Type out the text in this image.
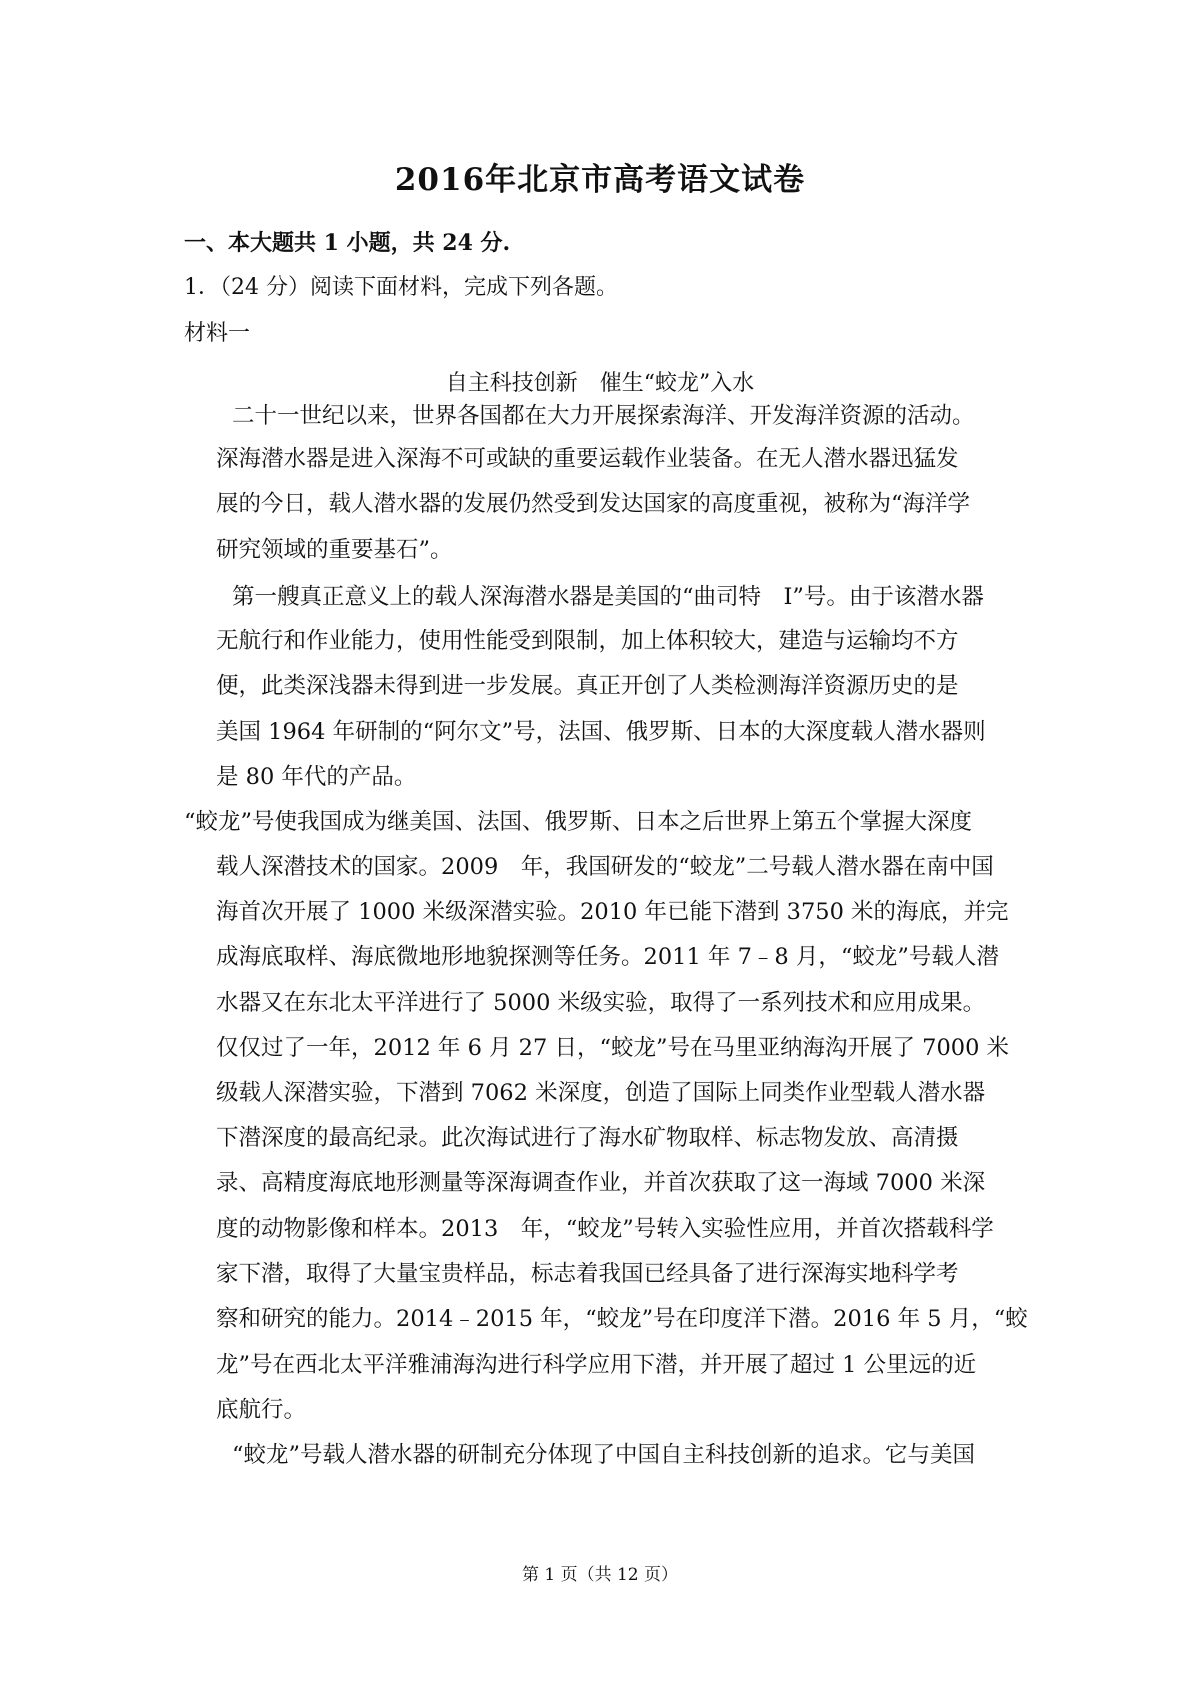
2016年北京市高考语文试卷
一、本大题共 1 小题，共 24 分.
1．（24 分）阅读下面材料，完成下列各题。
材料一
自主科技创新　催生“蛟龙”入水
二十一世纪以来，世界各国都在大力开展探索海洋、开发海洋资源的活动。
深海潜水器是进入深海不可或缺的重要运载作业装备。在无人潜水器迅猛发
展的今日，载人潜水器的发展仍然受到发达国家的高度重视，被称为“海洋学
研究领域的重要基石”。
第一艘真正意义上的载人深海潜水器是美国的“曲司特　I”号。由于该潜水器
无航行和作业能力，使用性能受到限制，加上体积较大，建造与运输均不方
便，此类深浅器未得到进一步发展。真正开创了人类检测海洋资源历史的是
美国 1964 年研制的“阿尔文”号，法国、俄罗斯、日本的大深度载人潜水器则
是 80 年代的产品。
“蛟龙”号使我国成为继美国、法国、俄罗斯、日本之后世界上第五个掌握大深度
载人深潜技术的国家。2009　年，我国研发的“蛟龙”二号载人潜水器在南中国
海首次开展了 1000 米级深潜实验。2010 年已能下潜到 3750 米的海底，并完
成海底取样、海底微地形地貌探测等任务。2011 年 7﹣8 月，“蛟龙”号载人潜
水器又在东北太平洋进行了 5000 米级实验，取得了一系列技术和应用成果。
仅仅过了一年，2012 年 6 月 27 日，“蛟龙”号在马里亚纳海沟开展了 7000 米
级载人深潜实验，下潜到 7062 米深度，创造了国际上同类作业型载人潜水器
下潜深度的最高纪录。此次海试进行了海水矿物取样、标志物发放、高清摄
录、高精度海底地形测量等深海调查作业，并首次获取了这一海域 7000 米深
度的动物影像和样本。2013　年，“蛟龙”号转入实验性应用，并首次搭载科学
家下潜，取得了大量宝贵样品，标志着我国已经具备了进行深海实地科学考
察和研究的能力。2014﹣2015 年，“蛟龙”号在印度洋下潜。2016 年 5 月，“蛟
龙”号在西北太平洋雅浦海沟进行科学应用下潜，并开展了超过 1 公里远的近
底航行。
“蛟龙”号载人潜水器的研制充分体现了中国自主科技创新的追求。它与美国
第 1 页（共 12 页）
